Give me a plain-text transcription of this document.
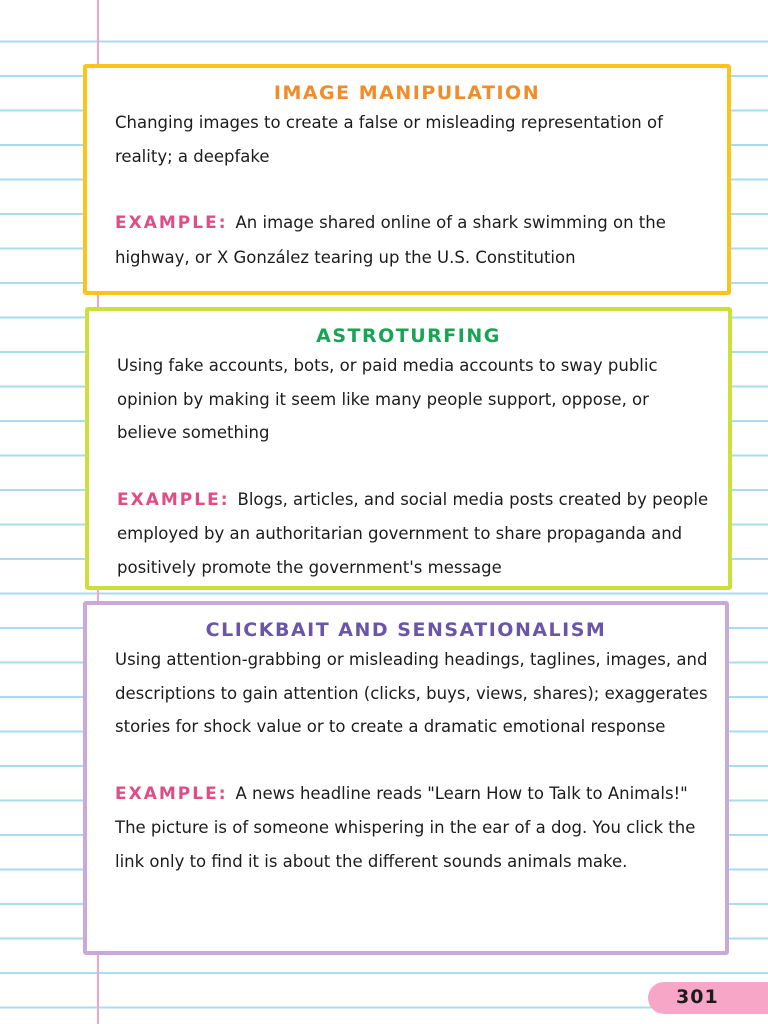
IMAGE MANIPULATION

Changing images to create a false or misleading representation of reality; a deepfake

EXAMPLE: An image shared online of a shark swimming on the highway, or X González tearing up the U.S. Constitution

ASTROTURFING

Using fake accounts, bots, or paid media accounts to sway public opinion by making it seem like many people support, oppose, or believe something

EXAMPLE: Blogs, articles, and social media posts created by people employed by an authoritarian government to share propaganda and positively promote the government's message

CLICKBAIT AND SENSATIONALISM

Using attention-grabbing or misleading headings, taglines, images, and descriptions to gain attention (clicks, buys, views, shares); exaggerates stories for shock value or to create a dramatic emotional response

EXAMPLE: A news headline reads "Learn How to Talk to Animals!" The picture is of someone whispering in the ear of a dog. You click the link only to find it is about the different sounds animals make.

301
